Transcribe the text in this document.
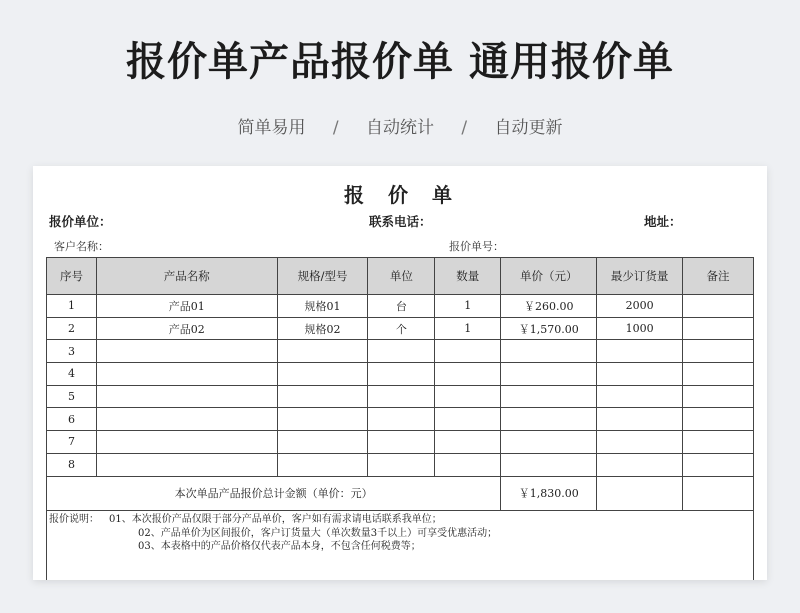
报价单产品报价单 通用报价单
简单易用 / 自动统计 / 自动更新
报 价 单
报价单位：	联系电话：	地址：
客户名称：	报价单号：
序号	产品名称	规格/型号	单位	数量	单价（元）	最少订货量	备注
1	产品01	规格01	台	1	￥260.00	2000	
2	产品02	规格02	个	1	￥1,570.00	1000	
3							
4							
5							
6							
7							
8							
本次单品产品报价总计金额（单价：元）					￥1,830.00		
报价说明： 01、本次报价产品仅限于部分产品单价，客户如有需求请电话联系我单位；
02、产品单价为区间报价，客户订货量大（单次数量3千以上）可享受优惠活动；
03、本表格中的产品价格仅代表产品本身，不包含任何税费等；
